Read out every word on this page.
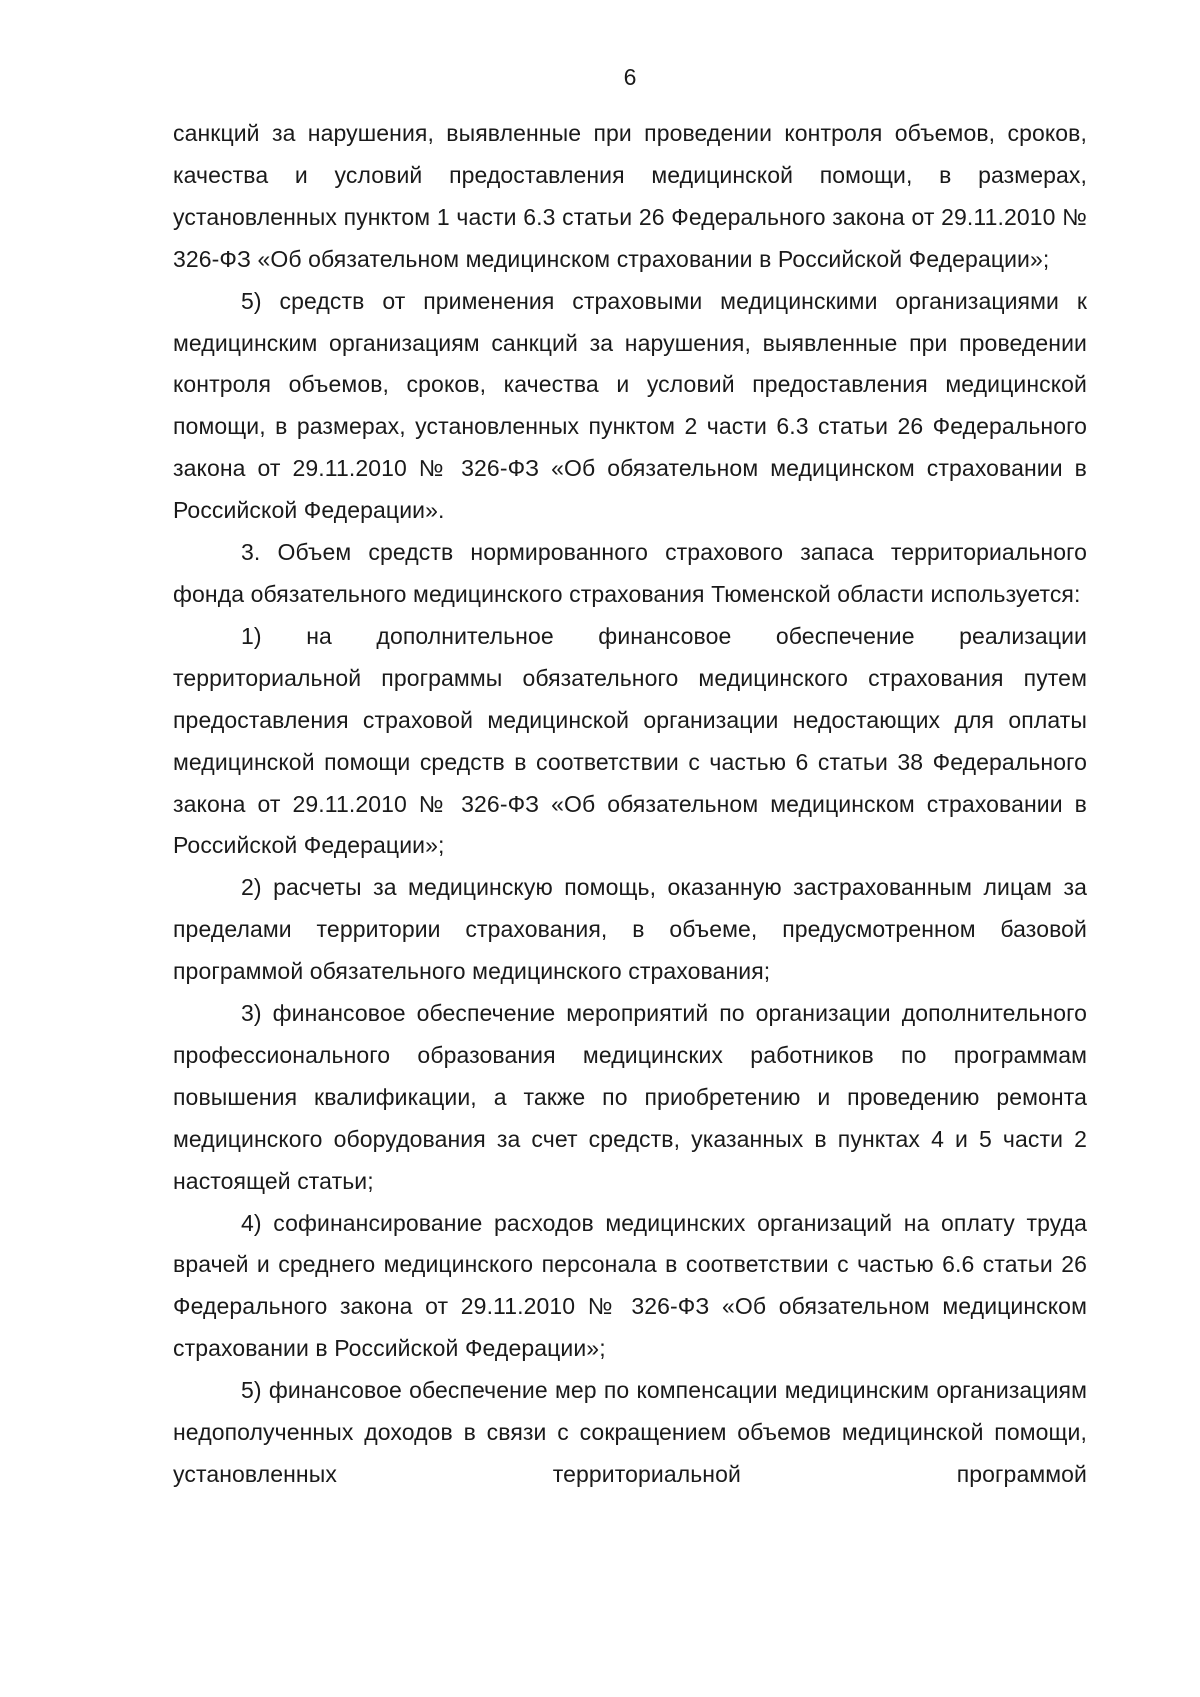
6

санкций за нарушения, выявленные при проведении контроля объемов, сроков, качества и условий предоставления медицинской помощи, в размерах, установленных пунктом 1 части 6.3 статьи 26 Федерального закона от 29.11.2010 № 326-ФЗ «Об обязательном медицинском страховании в Российской Федерации»;

5) средств от применения страховыми медицинскими организациями к медицинским организациям санкций за нарушения, выявленные при проведении контроля объемов, сроков, качества и условий предоставления медицинской помощи, в размерах, установленных пунктом 2 части 6.3 статьи 26 Федерального закона от 29.11.2010 № 326-ФЗ «Об обязательном медицинском страховании в Российской Федерации».

3. Объем средств нормированного страхового запаса территориального фонда обязательного медицинского страхования Тюменской области используется:

1) на дополнительное финансовое обеспечение реализации территориальной программы обязательного медицинского страхования путем предоставления страховой медицинской организации недостающих для оплаты медицинской помощи средств в соответствии с частью 6 статьи 38 Федерального закона от 29.11.2010 № 326-ФЗ «Об обязательном медицинском страховании в Российской Федерации»;

2) расчеты за медицинскую помощь, оказанную застрахованным лицам за пределами территории страхования, в объеме, предусмотренном базовой программой обязательного медицинского страхования;

3) финансовое обеспечение мероприятий по организации дополнительного профессионального образования медицинских работников по программам повышения квалификации, а также по приобретению и проведению ремонта медицинского оборудования за счет средств, указанных в пунктах 4 и 5 части 2 настоящей статьи;

4) софинансирование расходов медицинских организаций на оплату труда врачей и среднего медицинского персонала в соответствии с частью 6.6 статьи 26 Федерального закона от 29.11.2010 № 326-ФЗ «Об обязательном медицинском страховании в Российской Федерации»;

5) финансовое обеспечение мер по компенсации медицинским организациям недополученных доходов в связи с сокращением объемов медицинской помощи, установленных территориальной программой
